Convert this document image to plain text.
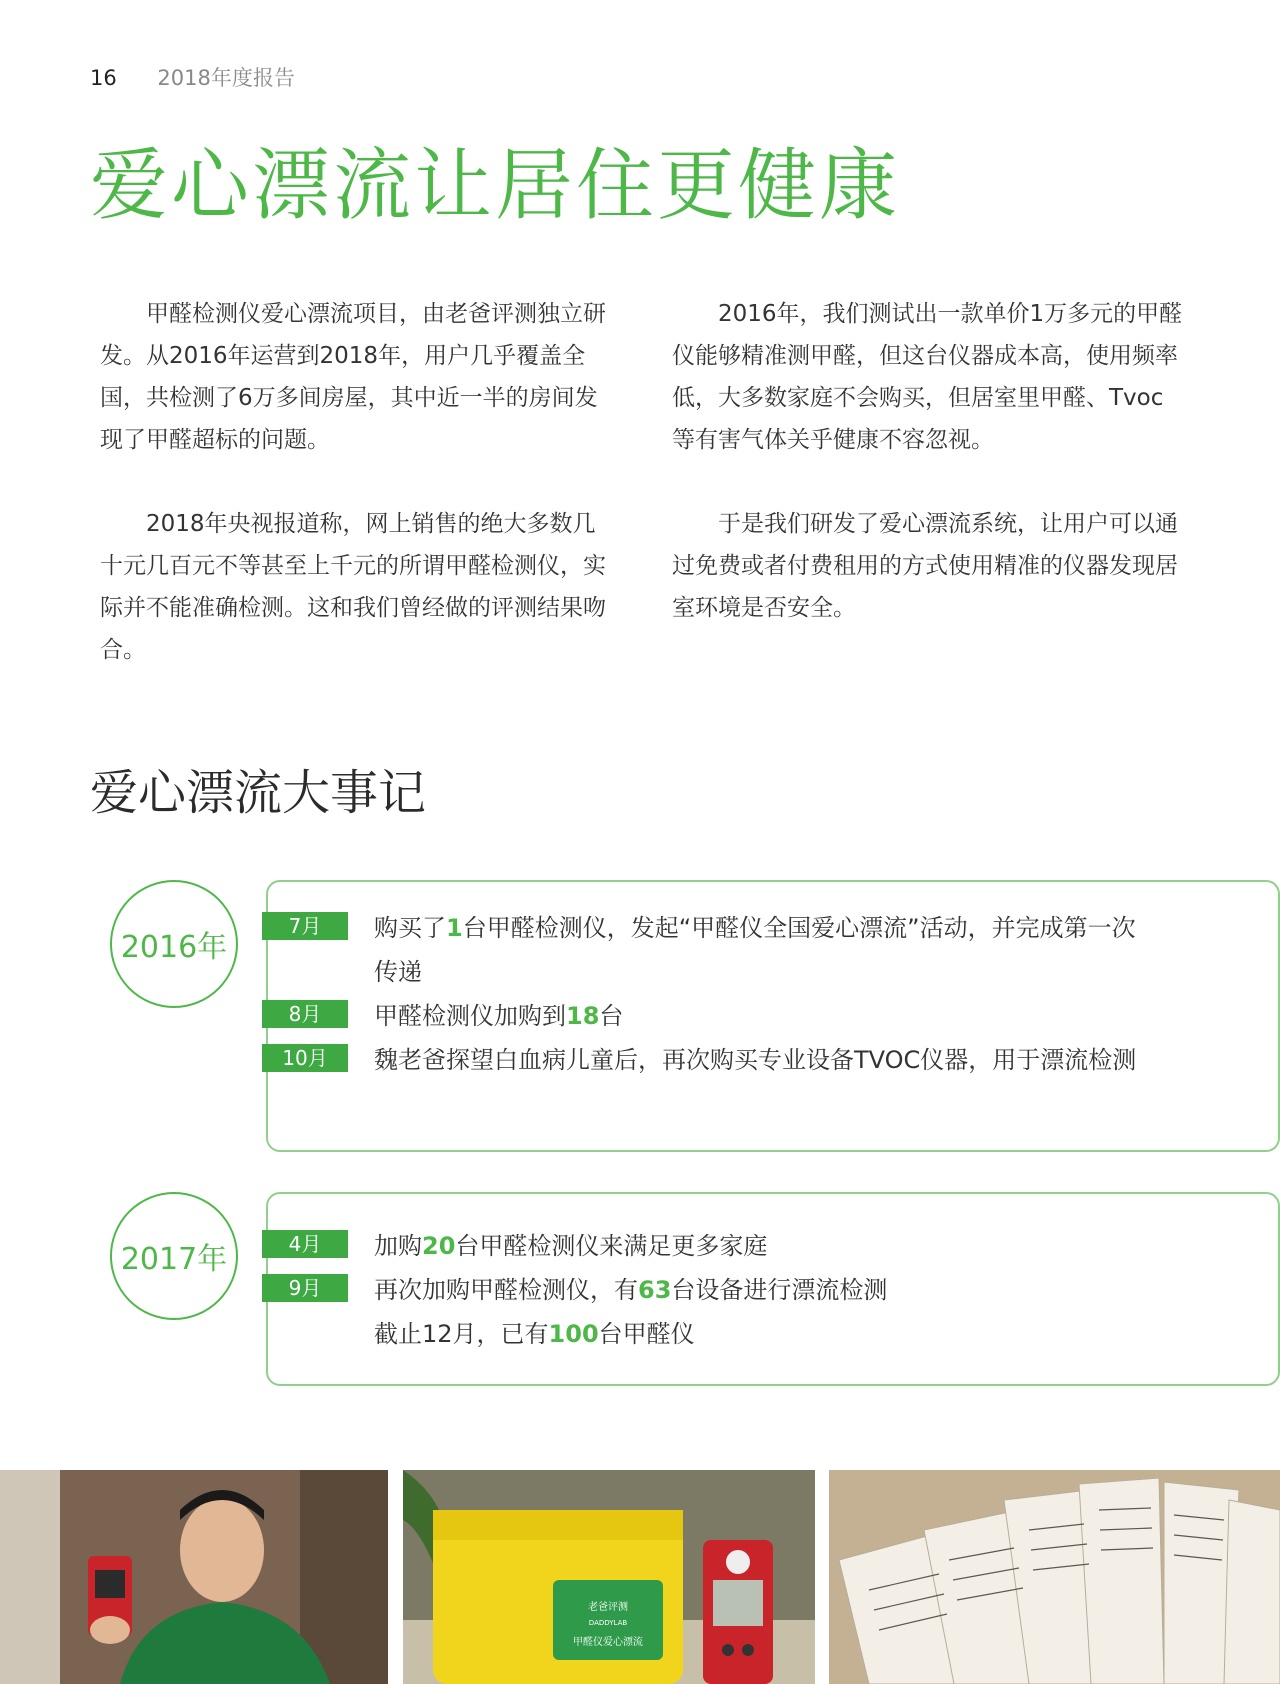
16 2018年度报告
爱心漂流让居住更健康

甲醛检测仪爱心漂流项目，由老爸评测独立研发。从2016年运营到2018年，用户几乎覆盖全国，共检测了6万多间房屋，其中近一半的房间发现了甲醛超标的问题。

2018年央视报道称，网上销售的绝大多数几十元几百元不等甚至上千元的所谓甲醛检测仪，实际并不能准确检测。这和我们曾经做的评测结果吻合。

2016年，我们测试出一款单价1万多元的甲醛仪能够精准测甲醛，但这台仪器成本高，使用频率低，大多数家庭不会购买，但居室里甲醛、Tvoc等有害气体关乎健康不容忽视。

于是我们研发了爱心漂流系统，让用户可以通过免费或者付费租用的方式使用精准的仪器发现居室环境是否安全。

爱心漂流大事记
2016年
7月	购买了1台甲醛检测仪，发起“甲醛仪全国爱心漂流”活动，并完成第一次传递
8月	甲醛检测仪加购到18台
10月	魏老爸探望白血病儿童后，再次购买专业设备TVOC仪器，用于漂流检测
2017年	4月	加购20台甲醛检测仪来满足更多家庭
9月	再次加购甲醛检测仪，有63台设备进行漂流检测
截止12月，已有100台甲醛仪
老爸评测
DADDYLAB
甲醛仪爱心漂流
